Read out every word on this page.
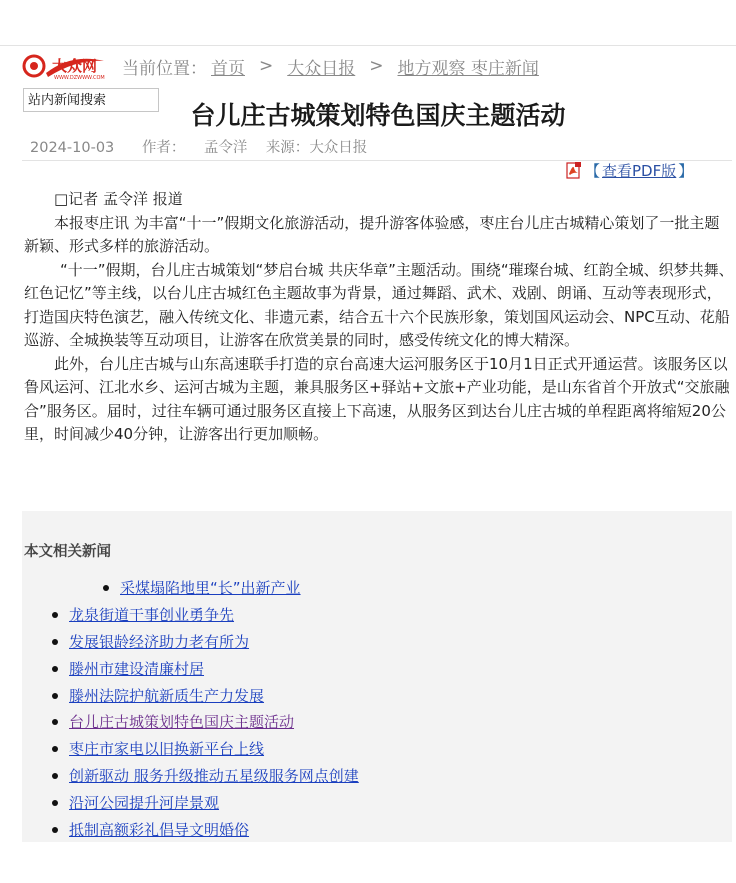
大众网
WWW.DZWWW.COM 当前位置： 首页 > 大众日报 > 地方观察 枣庄新闻
站内新闻搜索
台儿庄古城策划特色国庆主题活动
2024-10-03 作者： 孟令洋 来源：大众日报
【 查看PDF版 】

□记者 孟令洋 报道

本报枣庄讯 为丰富“十一”假期文化旅游活动，提升游客体验感，枣庄台儿庄古城精心策划了一批主题新颖、形式多样的旅游活动。

“十一”假期，台儿庄古城策划“梦启台城 共庆华章”主题活动。围绕“璀璨台城、红韵全城、织梦共舞、红色记忆”等主线，以台儿庄古城红色主题故事为背景，通过舞蹈、武术、戏剧、朗诵、互动等表现形式，打造国庆特色演艺，融入传统文化、非遗元素，结合五十六个民族形象，策划国风运动会、NPC互动、花船巡游、全城换装等互动项目，让游客在欣赏美景的同时，感受传统文化的博大精深。

此外，台儿庄古城与山东高速联手打造的京台高速大运河服务区于10月1日正式开通运营。该服务区以鲁风运河、江北水乡、运河古城为主题，兼具服务区+驿站+文旅+产业功能，是山东省首个开放式“交旅融合”服务区。届时，过往车辆可通过服务区直接上下高速，从服务区到达台儿庄古城的单程距离将缩短20公里，时间减少40分钟，让游客出行更加顺畅。

本文相关新闻
采煤塌陷地里“长”出新产业
龙泉街道干事创业勇争先
发展银龄经济助力老有所为
滕州市建设清廉村居
滕州法院护航新质生产力发展
台儿庄古城策划特色国庆主题活动
枣庄市家电以旧换新平台上线
创新驱动 服务升级推动五星级服务网点创建
沿河公园提升河岸景观
抵制高额彩礼倡导文明婚俗
